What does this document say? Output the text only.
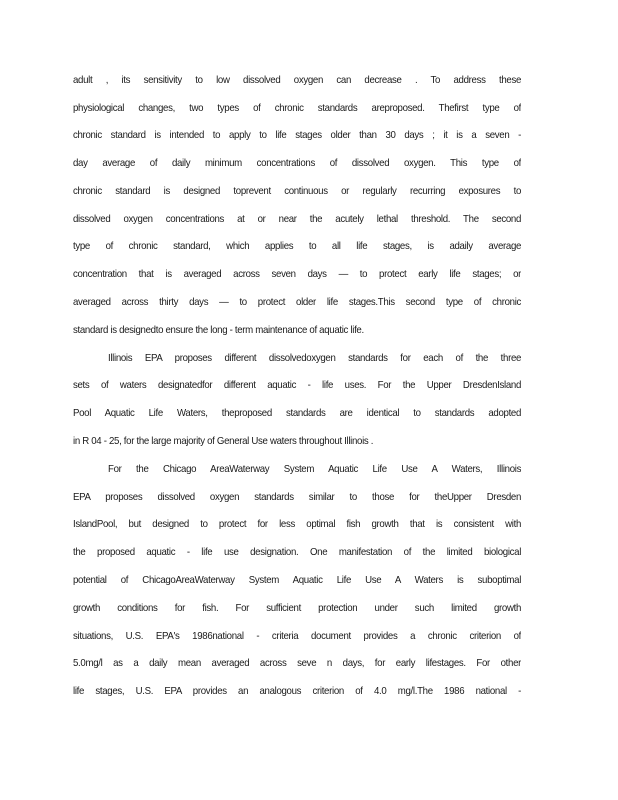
adult , its sensitivity to low dissolved oxygen can decrease . To address these
physiological changes, two types of chronic standards areproposed. Thefirst type of
chronic standard is intended to apply to life stages older than 30 days ; it is a seven -
day average of daily minimum concentrations of dissolved oxygen. This type of
chronic standard is designed toprevent continuous or regularly recurring exposures to
dissolved oxygen concentrations at or near the acutely lethal threshold. The second
type of chronic standard, which applies to all life stages, is adaily average
concentration that is averaged across seven days — to protect early life stages; or
averaged across thirty days — to protect older life stages.This second type of chronic
standard is designedto ensure the long - term maintenance of aquatic life.
Illinois EPA proposes different dissolvedoxygen standards for each of the three
sets of waters designatedfor different aquatic - life uses. For the Upper DresdenIsland
Pool Aquatic Life Waters, theproposed standards are identical to standards adopted
in R 04 - 25, for the large majority of General Use waters throughout Illinois .
For the Chicago AreaWaterway System Aquatic Life Use A Waters, Illinois
EPA proposes dissolved oxygen standards similar to those for theUpper Dresden
IslandPool, but designed to protect for less optimal fish growth that is consistent with
the proposed aquatic - life use designation. One manifestation of the limited biological
potential of ChicagoAreaWaterway System Aquatic Life Use A Waters is suboptimal
growth conditions for fish. For sufficient protection under such limited growth
situations, U.S. EPA's 1986national - criteria document provides a chronic criterion of
5.0mg/l as a daily mean averaged across seve n days, for early lifestages. For other
life stages, U.S. EPA provides an analogous criterion of 4.0 mg/l.The 1986 national -
